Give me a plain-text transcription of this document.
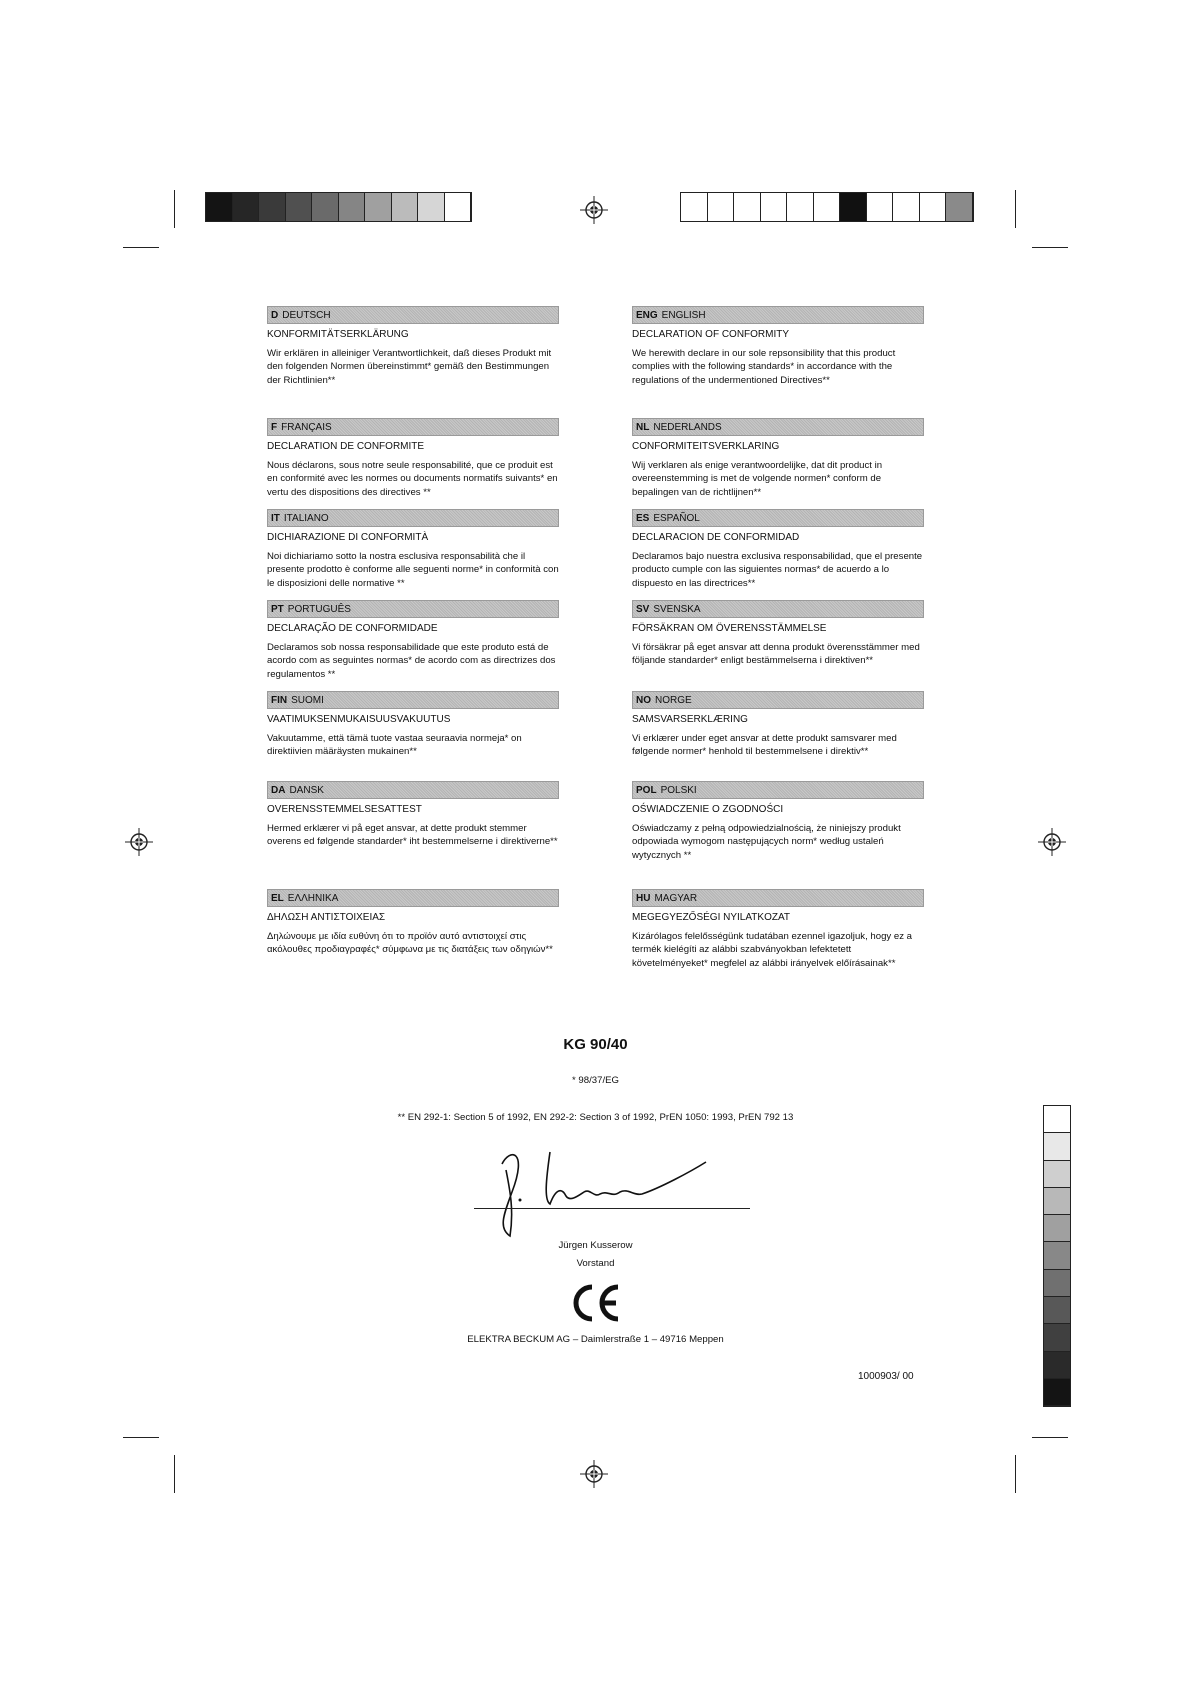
D DEUTSCH
KONFORMITÄTSERKLÄRUNG
Wir erklären in alleiniger Verantwortlichkeit, daß dieses Produkt mit den folgenden Normen übereinstimmt* gemäß den Bestimmungen der Richtlinien**
ENG ENGLISH
DECLARATION OF CONFORMITY
We herewith declare in our sole repsonsibility that this product complies with the following standards* in accordance with the regulations of the undermentioned Directives**
F FRANÇAIS
DECLARATION DE CONFORMITE
Nous déclarons, sous notre seule responsabilité, que ce produit est en conformité avec les normes ou documents normatifs suivants* en vertu des dispositions des directives **
NL NEDERLANDS
CONFORMITEITSVERKLARING
Wij verklaren als enige verantwoordelijke, dat dit product in overeenstemming is met de volgende normen* conform de bepalingen van de richtlijnen**
IT ITALIANO
DICHIARAZIONE DI CONFORMITÀ
Noi dichiariamo sotto la nostra esclusiva responsabilità che il presente prodotto è conforme alle seguenti norme* in conformità con le disposizioni delle normative **
ES ESPAÑOL
DECLARACION DE CONFORMIDAD
Declaramos bajo nuestra exclusiva responsabilidad, que el presente producto cumple con las siguientes normas* de acuerdo a lo dispuesto en las directrices**
PT PORTUGUÊS
DECLARAÇÃO DE CONFORMIDADE
Declaramos sob nossa responsabilidade que este produto está de acordo com as seguintes normas* de acordo com as directrizes dos regulamentos **
SV SVENSKA
FÖRSÄKRAN OM ÖVERENSSTÄMMELSE
Vi försäkrar på eget ansvar att denna produkt överensstämmer med följande standarder* enligt bestämmelserna i direktiven**
FIN SUOMI
VAATIMUKSENMUKAISUUSVAKUUTUS
Vakuutamme, että tämä tuote vastaa seuraavia normeja* on direktiivien määräysten mukainen**
NO NORGE
SAMSVARSERKLÆRING
Vi erklærer under eget ansvar at dette produkt samsvarer med følgende normer* henhold til bestemmelsene i direktiv**
DA DANSK
OVERENSSTEMMELSESATTEST
Hermed erklærer vi på eget ansvar, at dette produkt stemmer overens ed følgende standarder* iht bestemmelserne i direktiverne**
POL POLSKI
OŚWIADCZENIE O ZGODNOŚCI
Oświadczamy z pełną odpowiedzialnością, że niniejszy produkt odpowiada wymogom następujących norm* według ustaleń wytycznych **
EL ΕΛΛΗΝΙΚΑ
ΔΗΛΩΣΗ ΑΝΤΙΣΤΟΙΧΕΙΑΣ
Δηλώνουμε με ιδία ευθύνη ότι το προϊόν αυτό αντιστοιχεί στις ακόλουθες προδιαγραφές* σύμφωνα με τις διατάξεις των οδηγιών**
HU MAGYAR
MEGEGYEZŐSÉGI NYILATKOZAT
Kizárólagos felelősségünk tudatában ezennel igazoljuk, hogy ez a termék kielégíti az alábbi szabványokban lefektetett követelményeket* megfelel az alábbi irányelvek előírásainak**
KG 90/40
* 98/37/EG
** EN 292-1: Section 5 of 1992, EN 292-2: Section 3 of 1992, PrEN 1050: 1993, PrEN 792 13
Jürgen Kusserow
Vorstand
ELEKTRA BECKUM AG – Daimlerstraße 1 – 49716 Meppen
1000903/ 00
